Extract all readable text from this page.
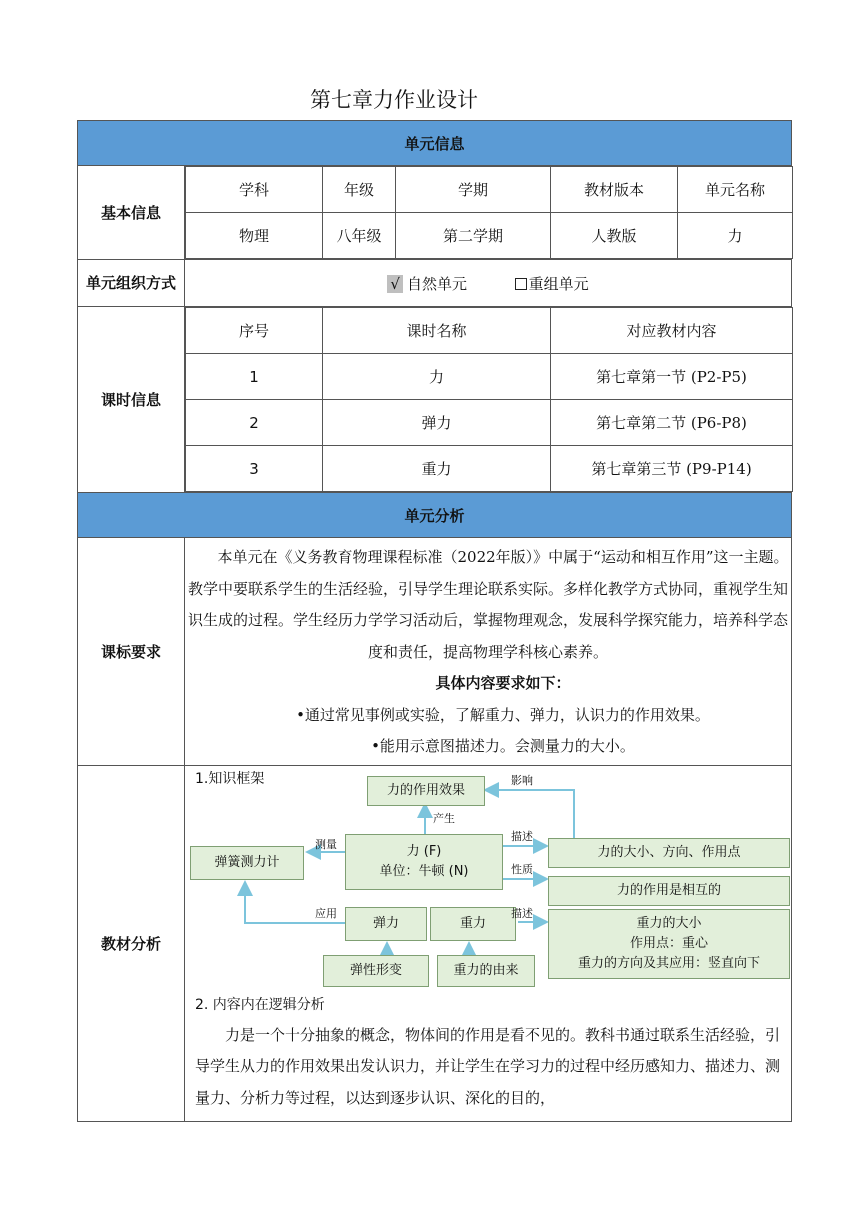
第七章力作业设计
单元信息
基本信息	
学科	年级	学期	教材版本	单元名称
物理	八年级	第二学期	人教版	力

单元组织方式	√ 自然单元	重组单元
课时信息	
序号	课时名称	对应教材内容
1	力	第七章第一节 (P2-P5)
2	弹力	第七章第二节 (P6-P8)
3	重力	第七章第三节 (P9-P14)

单元分析
课标要求	
本单元在《义务教育物理课程标准（2022年版）》中属于“运动和相互作用”这一主题。教学中要联系学生的生活经验，引导学生理论联系实际。多样化教学方式协同，重视学生知识生成的过程。学生经历力学学习活动后，掌握物理观念，发展科学探究能力，培养科学态度和责任，提高物理学科核心素养。
具体内容要求如下：
•通过常见事例或实验，了解重力、弹力，认识力的作用效果。
•能用示意图描述力。会测量力的大小。

教材分析	
1.知识框架
力的作用效果
力 (F)
单位：牛顿 (N)
弹簧测力计
力的大小、方向、作用点
力的作用是相互的
弹力	重力	重力的大小
作用点：重心
重力的方向及其应用：竖直向下
弹性形变	重力的由来
影响
产生
测量
描述
性质
应用	描述
2. 内容内在逻辑分析
力是一个十分抽象的概念，物体间的作用是看不见的。教科书通过联系生活经验，引导学生从力的作用效果出发认识力，并让学生在学习力的过程中经历感知力、描述力、测量力、分析力等过程，以达到逐步认识、深化的目的，
